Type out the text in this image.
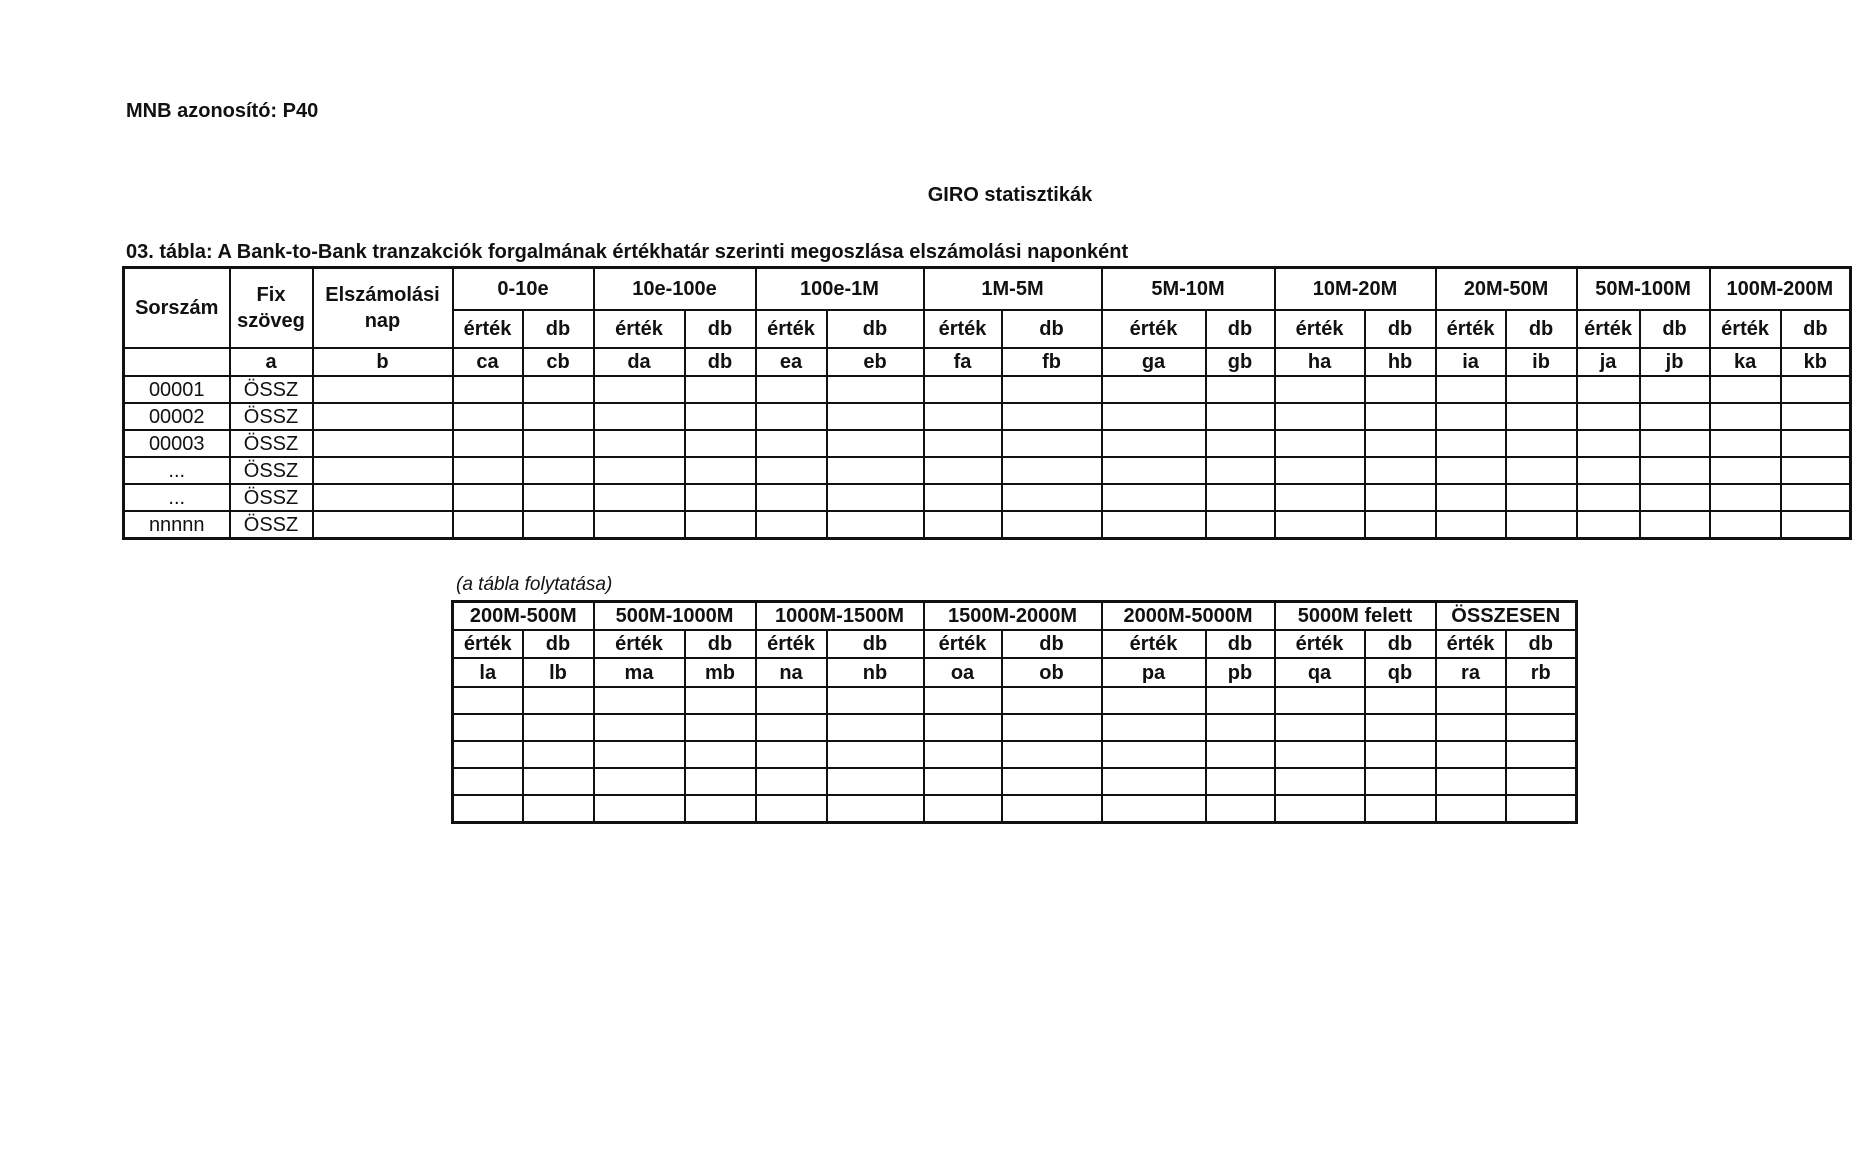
MNB azonosító: P40
GIRO statisztikák
03. tábla: A Bank-to-Bank tranzakciók forgalmának értékhatár szerinti megoszlása elszámolási naponként
Sorszám	Fix szöveg	Elszámolási nap	0-10e		10e-100e		100e-1M		1M-5M		5M-10M		10M-20M		20M-50M		50M-100M		100M-200M	
			érték	db	érték	db	érték	db	érték	db	érték	db	érték	db	érték	db	érték	db	érték	db
	a	b	ca	cb	da	db	ea	eb	fa	fb	ga	gb	ha	hb	ia	ib	ja	jb	ka	kb
00001	ÖSSZ																			
00002	ÖSSZ																			
00003	ÖSSZ																			
...	ÖSSZ																			
...	ÖSSZ																			
nnnnn	ÖSSZ																			
(a tábla folytatása)
200M-500M		500M-1000M		1000M-1500M		1500M-2000M		2000M-5000M		5000M felett		ÖSSZESEN	
érték	db	érték	db	érték	db	érték	db	érték	db	érték	db	érték	db
la	lb	ma	mb	na	nb	oa	ob	pa	pb	qa	qb	ra	rb
